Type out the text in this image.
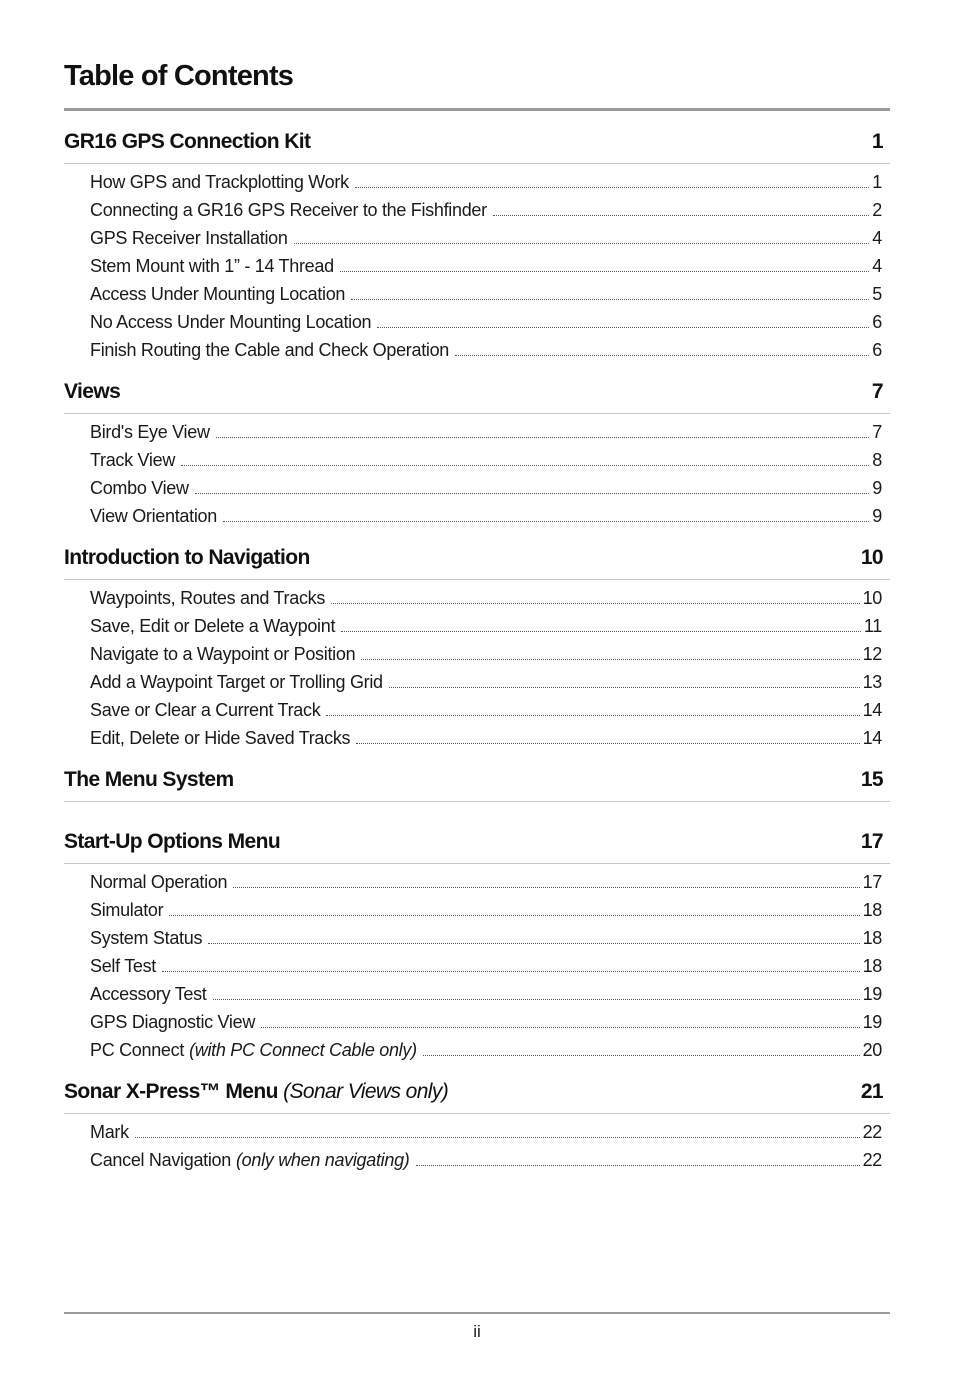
Table of Contents
GR16 GPS Connection Kit	1
How GPS and Trackplotting Work	1
Connecting a GR16 GPS Receiver to the Fishfinder	2
GPS Receiver Installation	4
Stem Mount with 1” - 14 Thread	4
Access Under Mounting Location	5
No Access Under Mounting Location	6
Finish Routing the Cable and Check Operation	6
Views	7
Bird's Eye View	7
Track View	8
Combo View	9
View Orientation	9
Introduction to Navigation	10
Waypoints, Routes and Tracks	10
Save, Edit or Delete a Waypoint	11
Navigate to a Waypoint or Position	12
Add a Waypoint Target or Trolling Grid	13
Save or Clear a Current Track	14
Edit, Delete or Hide Saved Tracks	14
The Menu System	15
Start-Up Options Menu	17
Normal Operation	17
Simulator	18
System Status	18
Self Test	18
Accessory Test	19
GPS Diagnostic View	19
PC Connect (with PC Connect Cable only)	20
Sonar X-Press™ Menu (Sonar Views only)	21
Mark	22
Cancel Navigation (only when navigating)	22
ii
